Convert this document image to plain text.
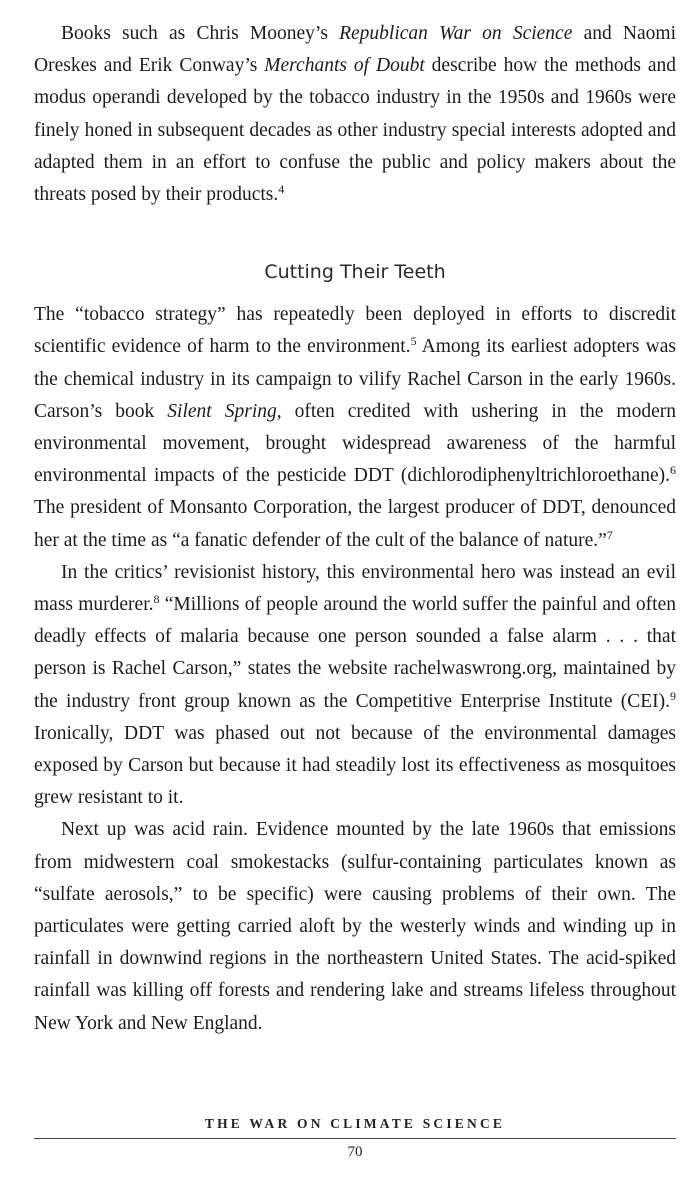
Books such as Chris Mooney’s Republican War on Science and Naomi Oreskes and Erik Conway’s Merchants of Doubt describe how the methods and modus operandi developed by the tobacco industry in the 1950s and 1960s were finely honed in subsequent decades as other industry special interests adopted and adapted them in an effort to confuse the public and policy makers about the threats posed by their products.$^4$

Cutting Their Teeth

The “tobacco strategy” has repeatedly been deployed in efforts to discredit scientific evidence of harm to the environment.$^5$ Among its earliest adopters was the chemical industry in its campaign to vilify Rachel Carson in the early 1960s. Carson’s book Silent Spring, often credited with ushering in the modern environmental movement, brought widespread awareness of the harmful environmental impacts of the pesticide DDT (dichlorodiphenyltrichloroethane).$^6$ The president of Monsanto Corporation, the largest producer of DDT, denounced her at the time as “a fanatic defender of the cult of the balance of nature.”$^7$

In the critics’ revisionist history, this environmental hero was instead an evil mass murderer.$^8$ “Millions of people around the world suffer the painful and often deadly effects of malaria because one person sounded a false alarm . . . that person is Rachel Carson,” states the website rachelwaswrong.org, maintained by the industry front group known as the Competitive Enterprise Institute (CEI).$^9$ Ironically, DDT was phased out not because of the environmental damages exposed by Carson but because it had steadily lost its effectiveness as mosquitoes grew resistant to it.

Next up was acid rain. Evidence mounted by the late 1960s that emissions from midwestern coal smokestacks (sulfur-containing particulates known as “sulfate aerosols,” to be specific) were causing problems of their own. The particulates were getting carried aloft by the westerly winds and winding up in rainfall in downwind regions in the northeastern United States. The acid-spiked rainfall was killing off forests and rendering lake and streams lifeless throughout New York and New England.

THE WAR ON CLIMATE SCIENCE
70
